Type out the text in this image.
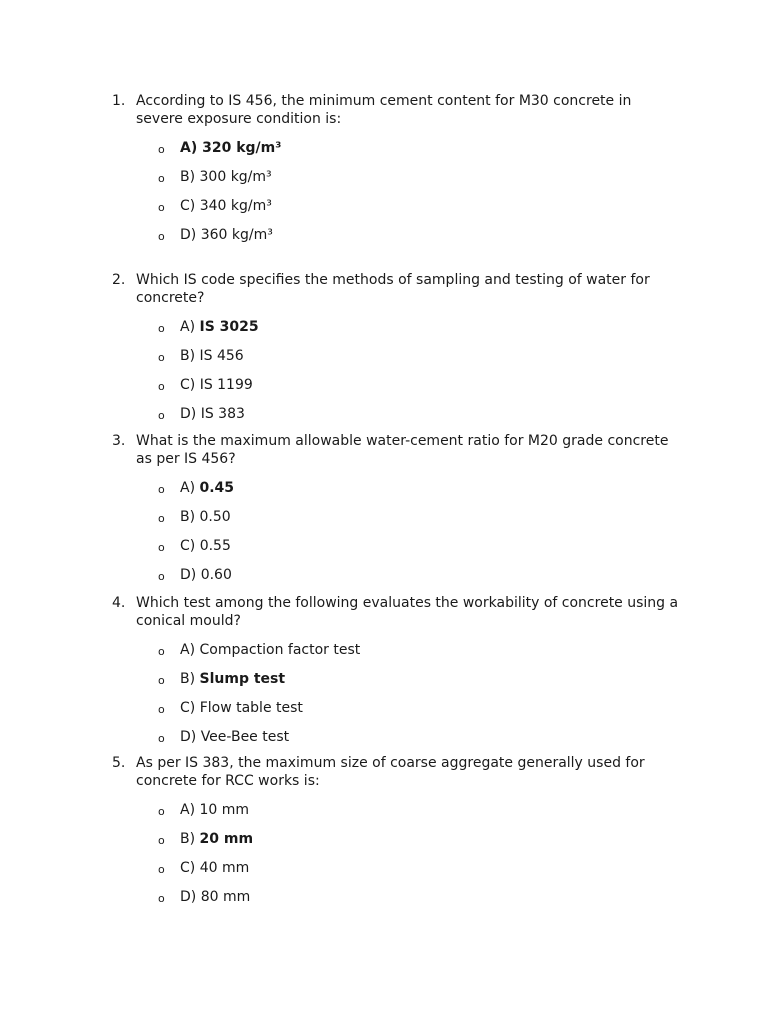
1. According to IS 456, the minimum cement content for M30 concrete in severe exposure condition is:
o A) 320 kg/m³
o B) 300 kg/m³
o C) 340 kg/m³
o D) 360 kg/m³
2. Which IS code specifies the methods of sampling and testing of water for concrete?
o A) IS 3025
o B) IS 456
o C) IS 1199
o D) IS 383
3. What is the maximum allowable water-cement ratio for M20 grade concrete as per IS 456?
o A) 0.45
o B) 0.50
o C) 0.55
o D) 0.60
4. Which test among the following evaluates the workability of concrete using a conical mould?
o A) Compaction factor test
o B) Slump test
o C) Flow table test
o D) Vee-Bee test
5. As per IS 383, the maximum size of coarse aggregate generally used for concrete for RCC works is:
o A) 10 mm
o B) 20 mm
o C) 40 mm
o D) 80 mm
